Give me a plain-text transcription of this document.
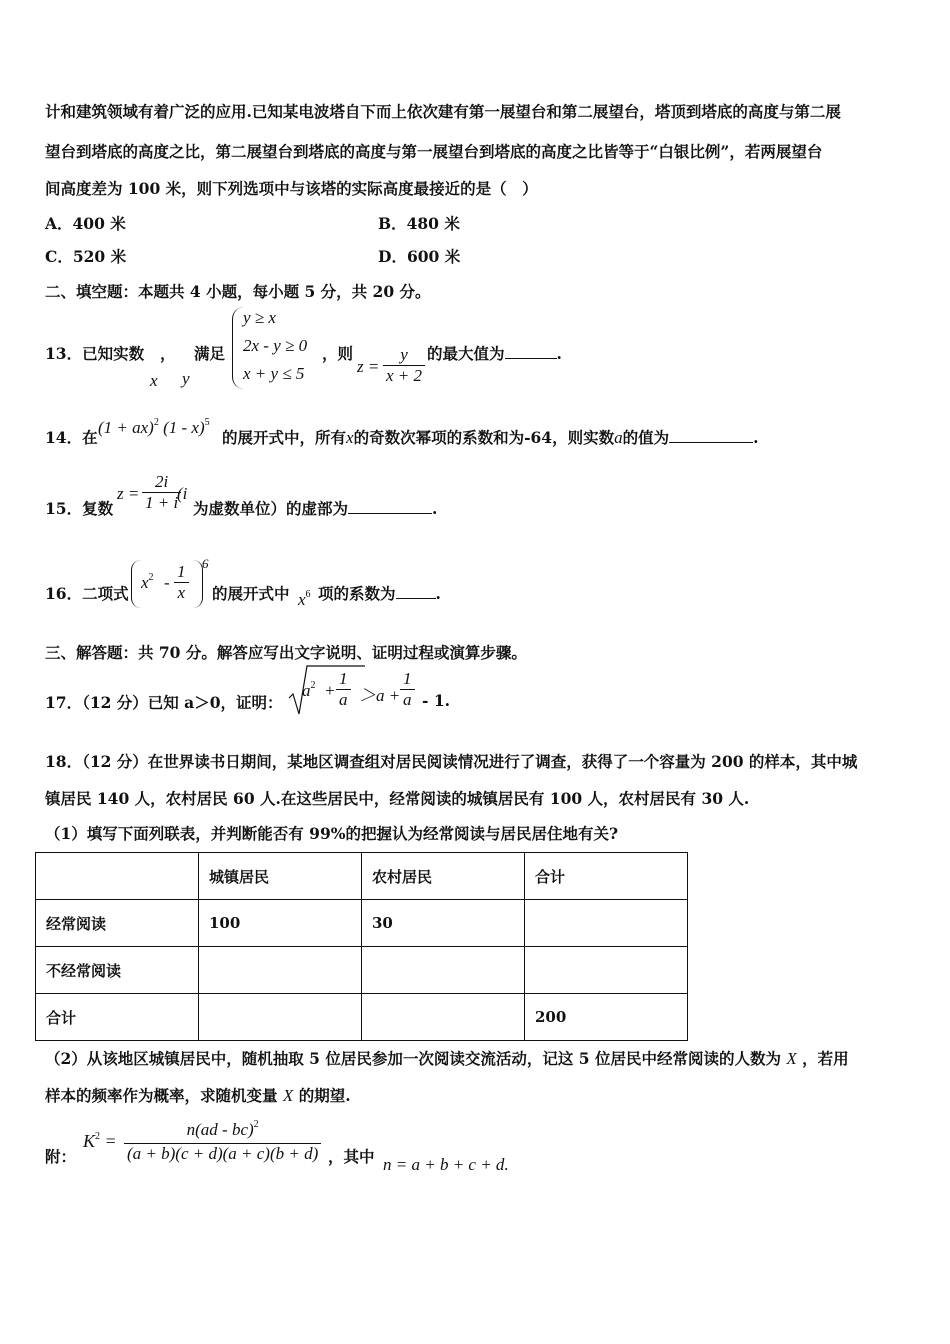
计和建筑领域有着广泛的应用.已知某电波塔自下而上依次建有第一展望台和第二展望台，塔顶到塔底的高度与第二展
望台到塔底的高度之比，第二展望台到塔底的高度与第一展望台到塔底的高度之比皆等于“白银比例”，若两展望台
间高度差为 100 米，则下列选项中与该塔的实际高度最接近的是（　）
A．400 米	B．480 米
C．520 米	D．600 米
二、填空题：本题共 4 小题，每小题 5 分，共 20 分。
13．已知实数 ， 满足
x y
y ≥ x
2x - y ≥ 0
x + y ≤ 5
，则
$z = \frac{y}{x + 2}$ 的最大值为	.
14．在
(1 + ax)$^2$ (1 - x)$^5$
的展开式中，所有x的奇数次幂项的系数和为-64，则实数a的值为	.
15．复数
$z = \frac{2i}{1 + i}$
(i
为虚数单位）的虚部为	.
16．二项式
$x^2 - \frac{1}{x} 6$
的展开式中 $x^6$ 项的系数为	.
三、解答题：共 70 分。解答应写出文字说明、证明过程或演算步骤。
17．（12 分）已知 a＞0，证明：
$a^2 + \frac{1}{a} >a + \frac{1}{a} - 1$.
18．（12 分）在世界读书日期间，某地区调查组对居民阅读情况进行了调查，获得了一个容量为 200 的样本，其中城
镇居民 140 人，农村居民 60 人.在这些居民中，经常阅读的城镇居民有 100 人，农村居民有 30 人.
（1）填写下面列联表，并判断能否有 99%的把握认为经常阅读与居民居住地有关?
	城镇居民	农村居民	合计
经常阅读	100	30	
不经常阅读			
合计			200
（2）从该地区城镇居民中，随机抽取 5 位居民参加一次阅读交流活动，记这 5 位居民中经常阅读的人数为 X ，若用
样本的频率作为概率，求随机变量 X 的期望.
附：
$K^2 = \frac{n(ad - bc)^2}{(a + b)(c + d)(a + c)(b + d)}$ ，其中 n = a + b + c + d.
